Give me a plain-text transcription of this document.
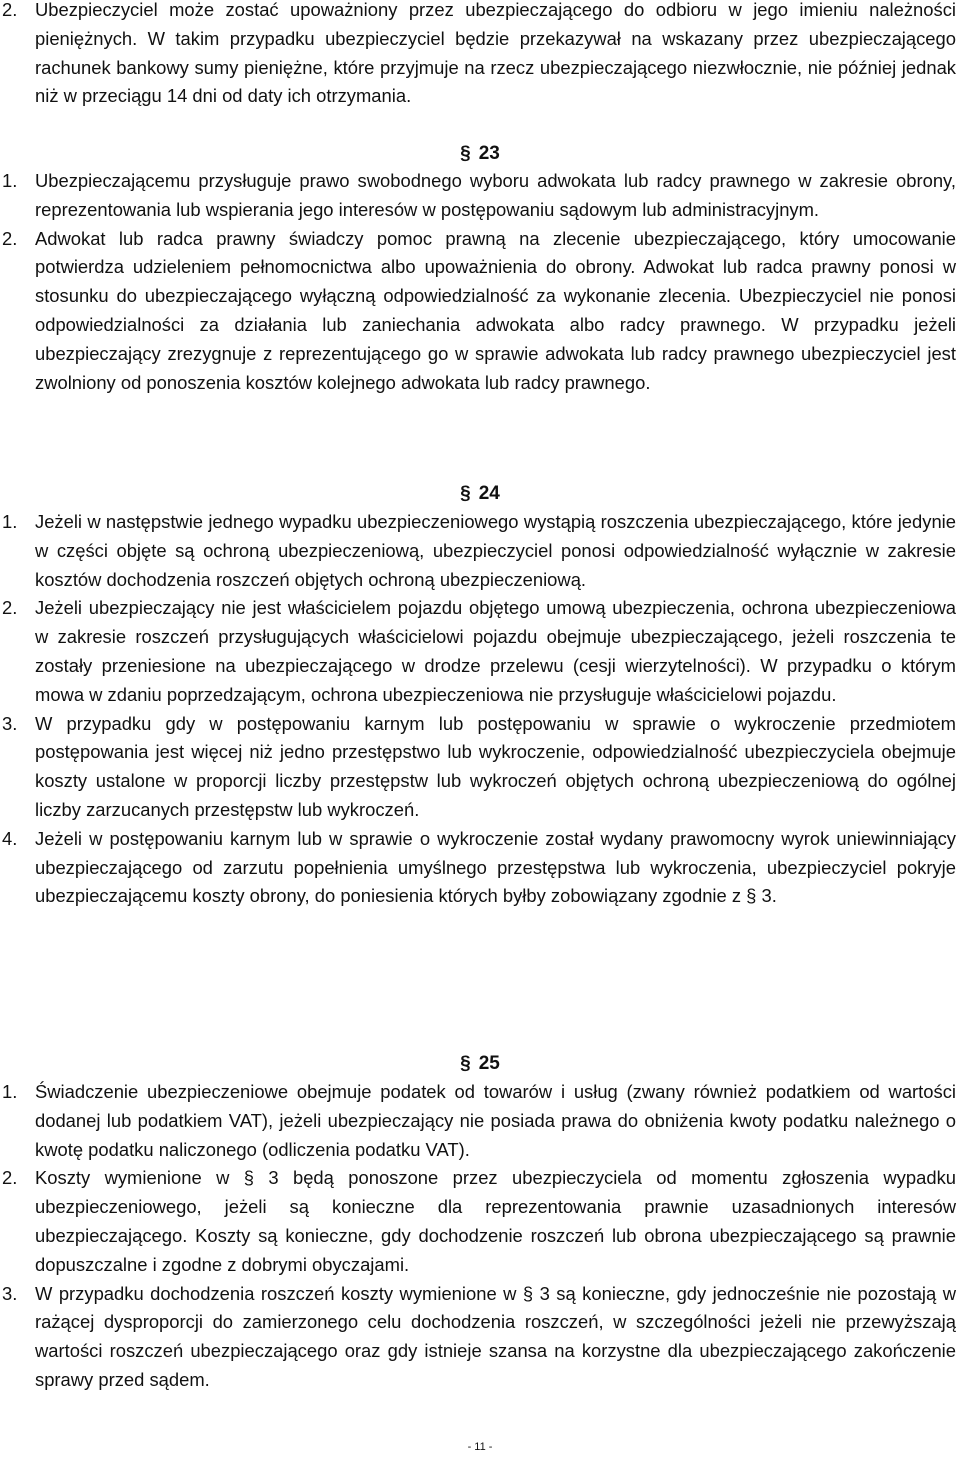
2. Ubezpieczyciel może zostać upoważniony przez ubezpieczającego do odbioru w jego imieniu należności pieniężnych. W takim przypadku ubezpieczyciel będzie przekazywał na wskazany przez ubezpieczającego rachunek bankowy sumy pieniężne, które przyjmuje na rzecz ubezpieczającego niezwłocznie, nie później jednak niż w przeciągu 14 dni od daty ich otrzymania.
§ 23
1. Ubezpieczającemu przysługuje prawo swobodnego wyboru adwokata lub radcy prawnego w zakresie obrony, reprezentowania lub wspierania jego interesów w postępowaniu sądowym lub administracyjnym.
2. Adwokat lub radca prawny świadczy pomoc prawną na zlecenie ubezpieczającego, który umocowanie potwierdza udzieleniem pełnomocnictwa albo upoważnienia do obrony. Adwokat lub radca prawny ponosi w stosunku do ubezpieczającego wyłączną odpowiedzialność za wykonanie zlecenia. Ubezpieczyciel nie ponosi odpowiedzialności za działania lub zaniechania adwokata albo radcy prawnego. W przypadku jeżeli ubezpieczający zrezygnuje z reprezentującego go w sprawie adwokata lub radcy prawnego ubezpieczyciel jest zwolniony od ponoszenia kosztów kolejnego adwokata lub radcy prawnego.
§ 24
1. Jeżeli w następstwie jednego wypadku ubezpieczeniowego wystąpią roszczenia ubezpieczającego, które jedynie w części objęte są ochroną ubezpieczeniową, ubezpieczyciel ponosi odpowiedzialność wyłącznie w zakresie kosztów dochodzenia roszczeń objętych ochroną ubezpieczeniową.
2. Jeżeli ubezpieczający nie jest właścicielem pojazdu objętego umową ubezpieczenia, ochrona ubezpieczeniowa w zakresie roszczeń przysługujących właścicielowi pojazdu obejmuje ubezpieczającego, jeżeli roszczenia te zostały przeniesione na ubezpieczającego w drodze przelewu (cesji wierzytelności). W przypadku o którym mowa w zdaniu poprzedzającym, ochrona ubezpieczeniowa nie przysługuje właścicielowi pojazdu.
3. W przypadku gdy w postępowaniu karnym lub postępowaniu w sprawie o wykroczenie przedmiotem postępowania jest więcej niż jedno przestępstwo lub wykroczenie, odpowiedzialność ubezpieczyciela obejmuje koszty ustalone w proporcji liczby przestępstw lub wykroczeń objętych ochroną ubezpieczeniową do ogólnej liczby zarzucanych przestępstw lub wykroczeń.
4. Jeżeli w postępowaniu karnym lub w sprawie o wykroczenie został wydany prawomocny wyrok uniewinniający ubezpieczającego od zarzutu popełnienia umyślnego przestępstwa lub wykroczenia, ubezpieczyciel pokryje ubezpieczającemu koszty obrony, do poniesienia których byłby zobowiązany zgodnie z § 3.
§ 25
1. Świadczenie ubezpieczeniowe obejmuje podatek od towarów i usług (zwany również podatkiem od wartości dodanej lub podatkiem VAT), jeżeli ubezpieczający nie posiada prawa do obniżenia kwoty podatku należnego o kwotę podatku naliczonego (odliczenia podatku VAT).
2. Koszty wymienione w § 3 będą ponoszone przez ubezpieczyciela od momentu zgłoszenia wypadku ubezpieczeniowego, jeżeli są konieczne dla reprezentowania prawnie uzasadnionych interesów ubezpieczającego. Koszty są konieczne, gdy dochodzenie roszczeń lub obrona ubezpieczającego są prawnie dopuszczalne i zgodne z dobrymi obyczajami.
3. W przypadku dochodzenia roszczeń koszty wymienione w § 3 są konieczne, gdy jednocześnie nie pozostają w rażącej dysproporcji do zamierzonego celu dochodzenia roszczeń, w szczególności jeżeli nie przewyższają wartości roszczeń ubezpieczającego oraz gdy istnieje szansa na korzystne dla ubezpieczającego zakończenie sprawy przed sądem.
- 11 -
